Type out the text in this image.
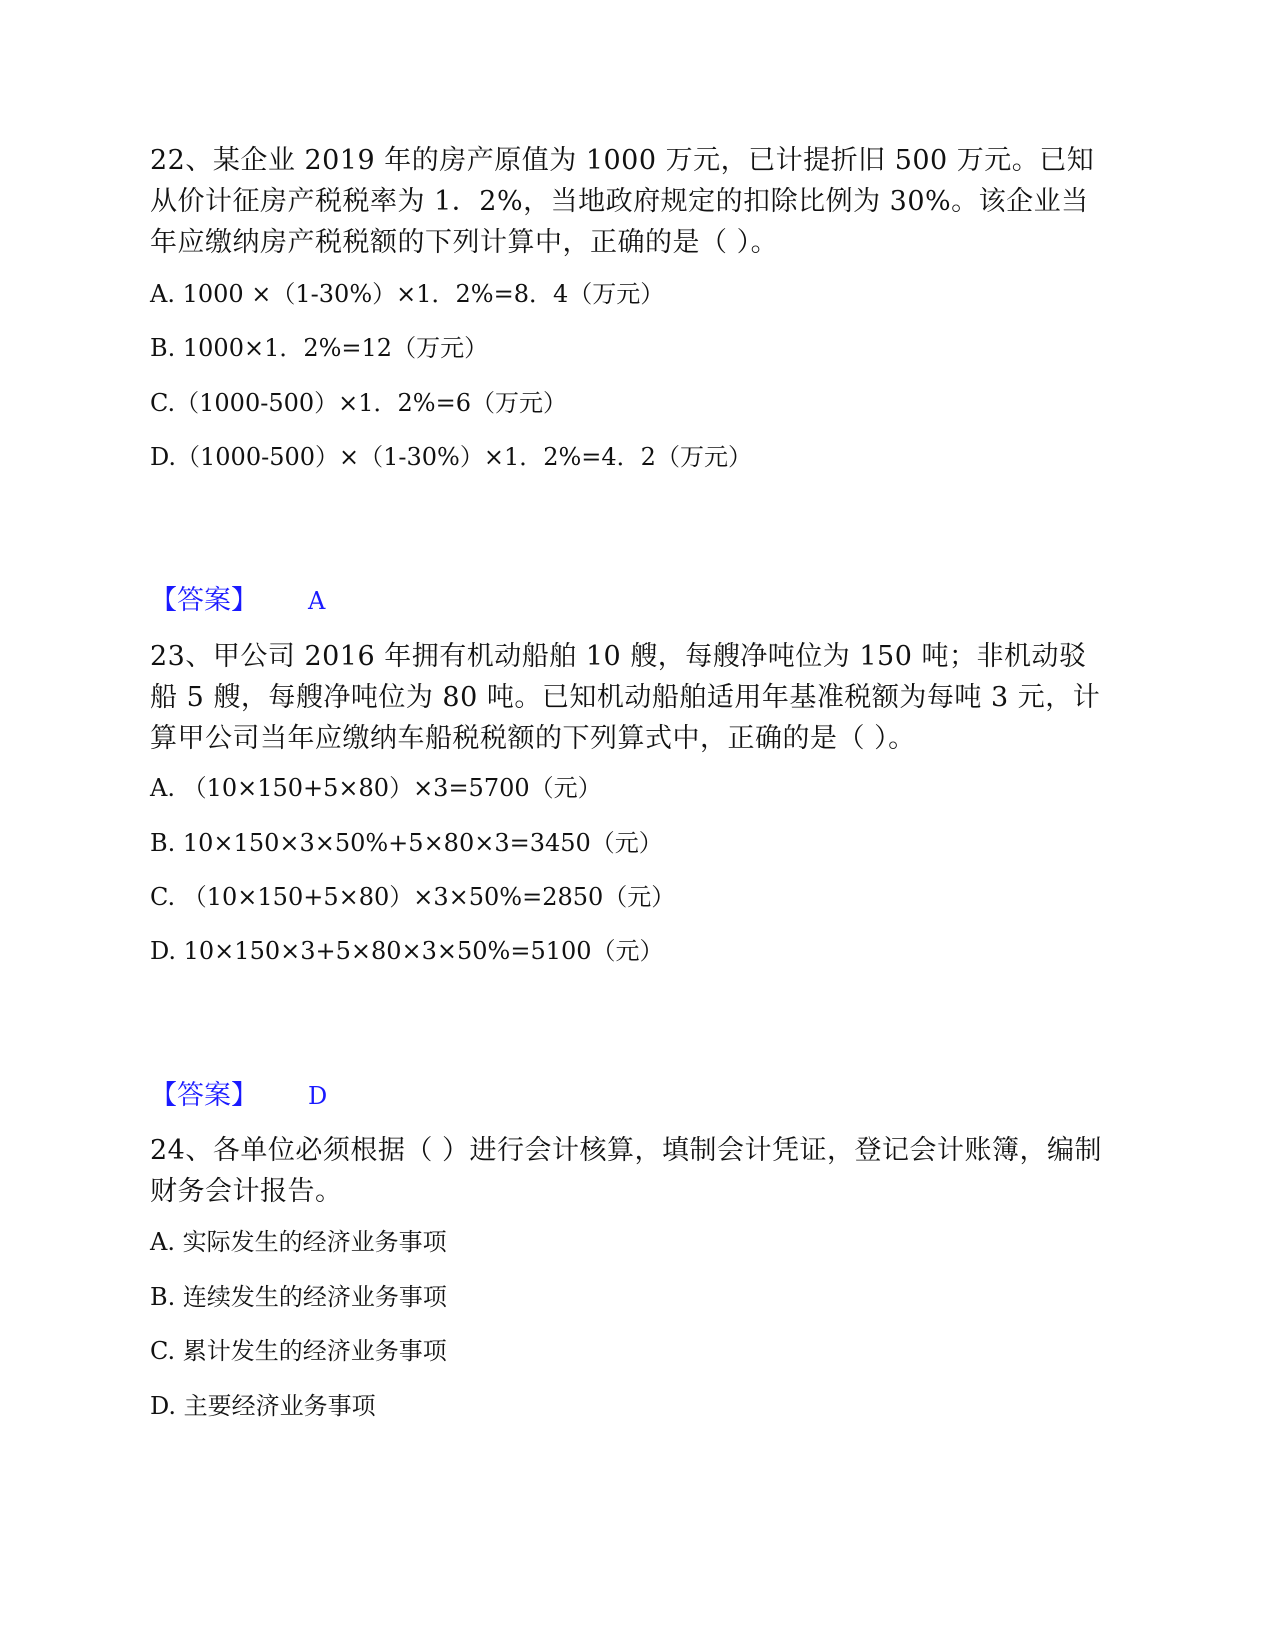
22、某企业 2019 年的房产原值为 1000 万元，已计提折旧 500 万元。已知从价计征房产税税率为 1．2%，当地政府规定的扣除比例为 30%。该企业当年应缴纳房产税税额的下列计算中，正确的是（ ）。
A. 1000 ×（1-30%）×1．2%=8．4（万元）
B. 1000×1．2%=12（万元）
C.（1000-500）×1．2%=6（万元）
D.（1000-500）×（1-30%）×1．2%=4．2（万元）
【答案】 A
23、甲公司 2016 年拥有机动船舶 10 艘，每艘净吨位为 150 吨；非机动驳船 5 艘，每艘净吨位为 80 吨。已知机动船舶适用年基准税额为每吨 3 元，计算甲公司当年应缴纳车船税税额的下列算式中，正确的是（ ）。
A. （10×150+5×80）×3=5700（元）
B. 10×150×3×50%+5×80×3=3450（元）
C. （10×150+5×80）×3×50%=2850（元）
D. 10×150×3+5×80×3×50%=5100（元）
【答案】 D
24、各单位必须根据（ ）进行会计核算，填制会计凭证，登记会计账簿，编制财务会计报告。
A. 实际发生的经济业务事项
B. 连续发生的经济业务事项
C. 累计发生的经济业务事项
D. 主要经济业务事项
